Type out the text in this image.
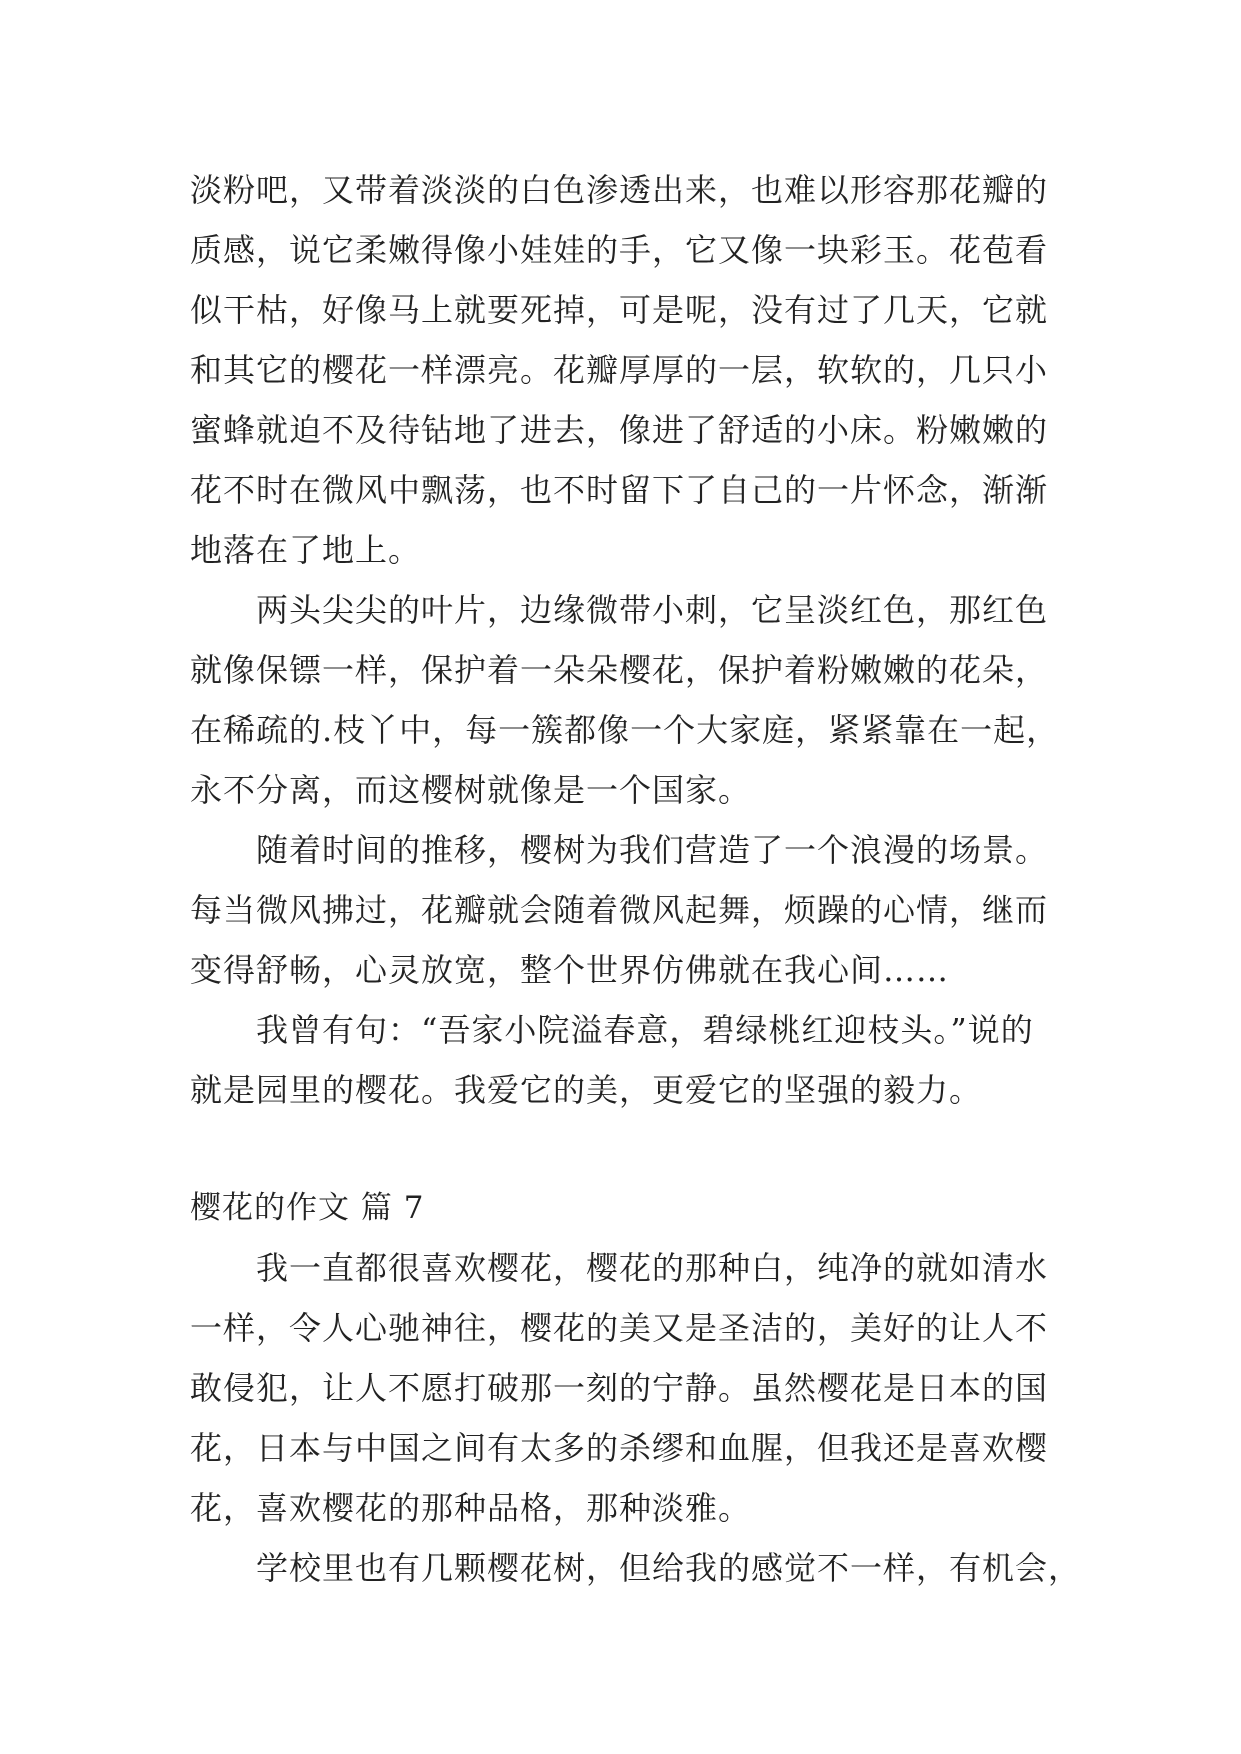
淡粉吧，又带着淡淡的白色渗透出来，也难以形容那花瓣的
质感，说它柔嫩得像小娃娃的手，它又像一块彩玉。花苞看
似干枯，好像马上就要死掉，可是呢，没有过了几天，它就
和其它的樱花一样漂亮。花瓣厚厚的一层，软软的，几只小
蜜蜂就迫不及待钻地了进去，像进了舒适的小床。粉嫩嫩的
花不时在微风中飘荡，也不时留下了自己的一片怀念，渐渐
地落在了地上。
两头尖尖的叶片，边缘微带小刺，它呈淡红色，那红色
就像保镖一样，保护着一朵朵樱花，保护着粉嫩嫩的花朵，
在稀疏的.枝丫中，每一簇都像一个大家庭，紧紧靠在一起，
永不分离，而这樱树就像是一个国家。
随着时间的推移，樱树为我们营造了一个浪漫的场景。
每当微风拂过，花瓣就会随着微风起舞，烦躁的心情，继而
变得舒畅，心灵放宽，整个世界仿佛就在我心间……
我曾有句：“吾家小院溢春意，碧绿桃红迎枝头。”说的
就是园里的樱花。我爱它的美，更爱它的坚强的毅力。
樱花的作文 篇 7
我一直都很喜欢樱花，樱花的那种白，纯净的就如清水
一样，令人心驰神往，樱花的美又是圣洁的，美好的让人不
敢侵犯，让人不愿打破那一刻的宁静。虽然樱花是日本的国
花，日本与中国之间有太多的杀缪和血腥，但我还是喜欢樱
花，喜欢樱花的那种品格，那种淡雅。
学校里也有几颗樱花树，但给我的感觉不一样，有机会，
